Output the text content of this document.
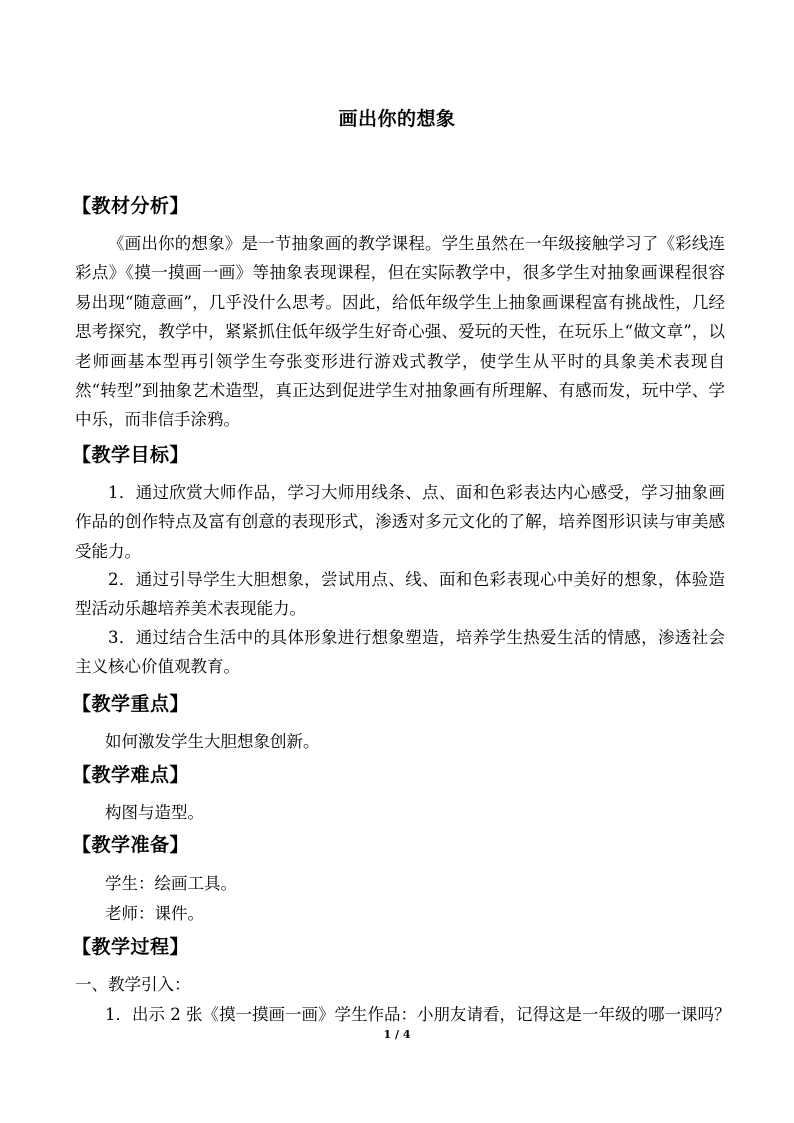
画出你的想象
【教材分析】
《画出你的想象》是一节抽象画的教学课程。学生虽然在一年级接触学习了《彩线连彩点》《摸一摸画一画》等抽象表现课程，但在实际教学中，很多学生对抽象画课程很容易出现“随意画”，几乎没什么思考。因此，给低年级学生上抽象画课程富有挑战性，几经思考探究，教学中，紧紧抓住低年级学生好奇心强、爱玩的天性，在玩乐上“做文章”，以老师画基本型再引领学生夸张变形进行游戏式教学，使学生从平时的具象美术表现自然“转型”到抽象艺术造型，真正达到促进学生对抽象画有所理解、有感而发，玩中学、学中乐，而非信手涂鸦。
【教学目标】
1．通过欣赏大师作品，学习大师用线条、点、面和色彩表达内心感受，学习抽象画作品的创作特点及富有创意的表现形式，渗透对多元文化的了解，培养图形识读与审美感受能力。
2．通过引导学生大胆想象，尝试用点、线、面和色彩表现心中美好的想象，体验造型活动乐趣培养美术表现能力。
3．通过结合生活中的具体形象进行想象塑造，培养学生热爱生活的情感，渗透社会主义核心价值观教育。
【教学重点】
如何激发学生大胆想象创新。
【教学难点】
构图与造型。
【教学准备】
学生：绘画工具。
老师：课件。
【教学过程】
一、教学引入：
1．出示 2 张《摸一摸画一画》学生作品：小朋友请看，记得这是一年级的哪一课吗？
1 / 4
